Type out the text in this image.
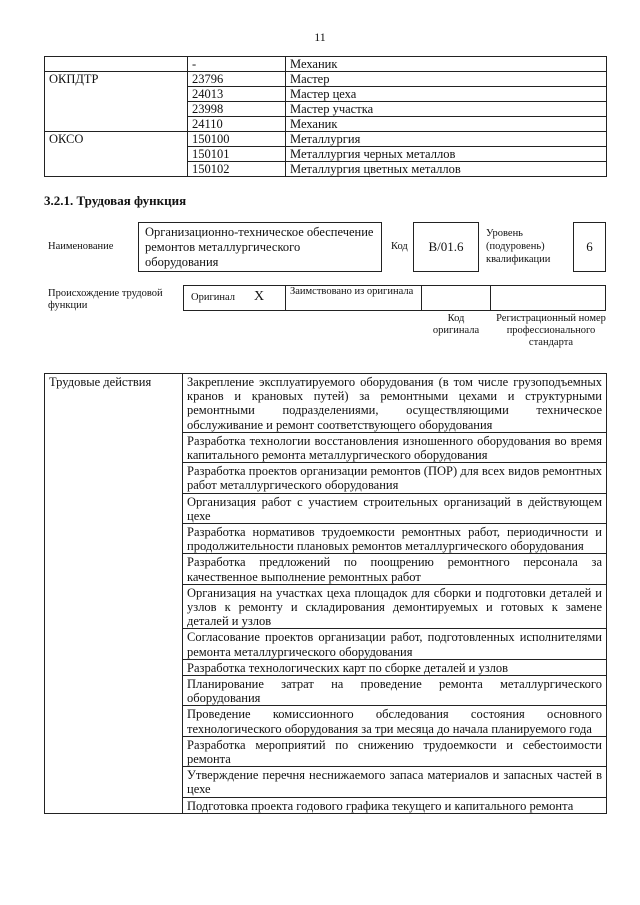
11
	-	Механик
ОКПДТР	23796	Мастер
	24013	Мастер цеха
	23998	Мастер участка
	24110	Механик
ОКСО	150100	Металлургия
	150101	Металлургия черных металлов
	150102	Металлургия цветных металлов
3.2.1. Трудовая функция
Наименование
Организационно-техническое обеспечение ремонтов металлургического оборудования
Код	B/01.6
Уровень (подуровень) квалификации
6
Происхождение трудовой функции
Оригинал X Заимствовано из оригинала
Код оригинала
Регистрационный номер профессионального стандарта
Трудовые действия	Закрепление эксплуатируемого оборудования (в том числе грузоподъемных кранов и крановых путей) за ремонтными цехами и структурными ремонтными подразделениями, осуществляющими техническое обслуживание и ремонт соответствующего оборудования
Разработка технологии восстановления изношенного оборудования во время капитального ремонта металлургического оборудования
Разработка проектов организации ремонтов (ПОР) для всех видов ремонтных работ металлургического оборудования
Организация работ с участием строительных организаций в действующем цехе
Разработка нормативов трудоемкости ремонтных работ, периодичности и продолжительности плановых ремонтов металлургического оборудования
Разработка предложений по поощрению ремонтного персонала за качественное выполнение ремонтных работ
Организация на участках цеха площадок для сборки и подготовки деталей и узлов к ремонту и складирования демонтируемых и готовых к замене деталей и узлов
Согласование проектов организации работ, подготовленных исполнителями ремонта металлургического оборудования
Разработка технологических карт по сборке деталей и узлов
Планирование затрат на проведение ремонта металлургического оборудования
Проведение комиссионного обследования состояния основного технологического оборудования за три месяца до начала планируемого года
Разработка мероприятий по снижению трудоемкости и себестоимости ремонта
Утверждение перечня неснижаемого запаса материалов и запасных частей в цехе
Подготовка проекта годового графика текущего и капитального ремонта
